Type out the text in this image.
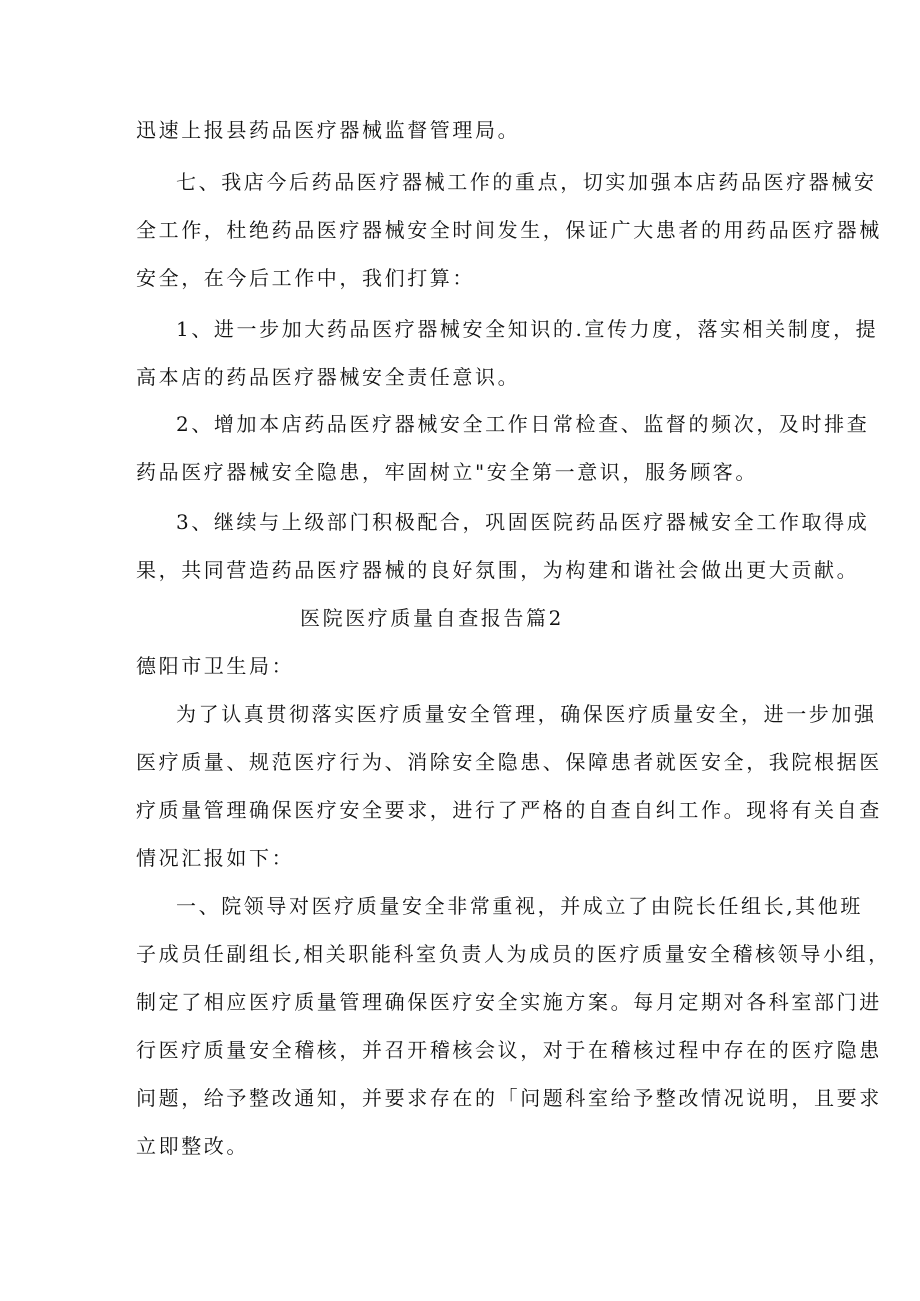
迅速上报县药品医疗器械监督管理局。
七、我店今后药品医疗器械工作的重点，切实加强本店药品医疗器械安
全工作，杜绝药品医疗器械安全时间发生，保证广大患者的用药品医疗器械
安全，在今后工作中，我们打算：
1、进一步加大药品医疗器械安全知识的.宣传力度，落实相关制度，提
高本店的药品医疗器械安全责任意识。
2、增加本店药品医疗器械安全工作日常检查、监督的频次，及时排查
药品医疗器械安全隐患，牢固树立"安全第一意识，服务顾客。
3、继续与上级部门积极配合，巩固医院药品医疗器械安全工作取得成
果，共同营造药品医疗器械的良好氛围，为构建和谐社会做出更大贡献。
医院医疗质量自查报告篇2
德阳市卫生局：
为了认真贯彻落实医疗质量安全管理，确保医疗质量安全，进一步加强
医疗质量、规范医疗行为、消除安全隐患、保障患者就医安全，我院根据医
疗质量管理确保医疗安全要求，进行了严格的自查自纠工作。现将有关自查
情况汇报如下：
一、院领导对医疗质量安全非常重视，并成立了由院长任组长,其他班
子成员任副组长,相关职能科室负责人为成员的医疗质量安全稽核领导小组，
制定了相应医疗质量管理确保医疗安全实施方案。每月定期对各科室部门进
行医疗质量安全稽核，并召开稽核会议，对于在稽核过程中存在的医疗隐患
问题，给予整改通知，并要求存在的「问题科室给予整改情况说明，且要求
立即整改。
